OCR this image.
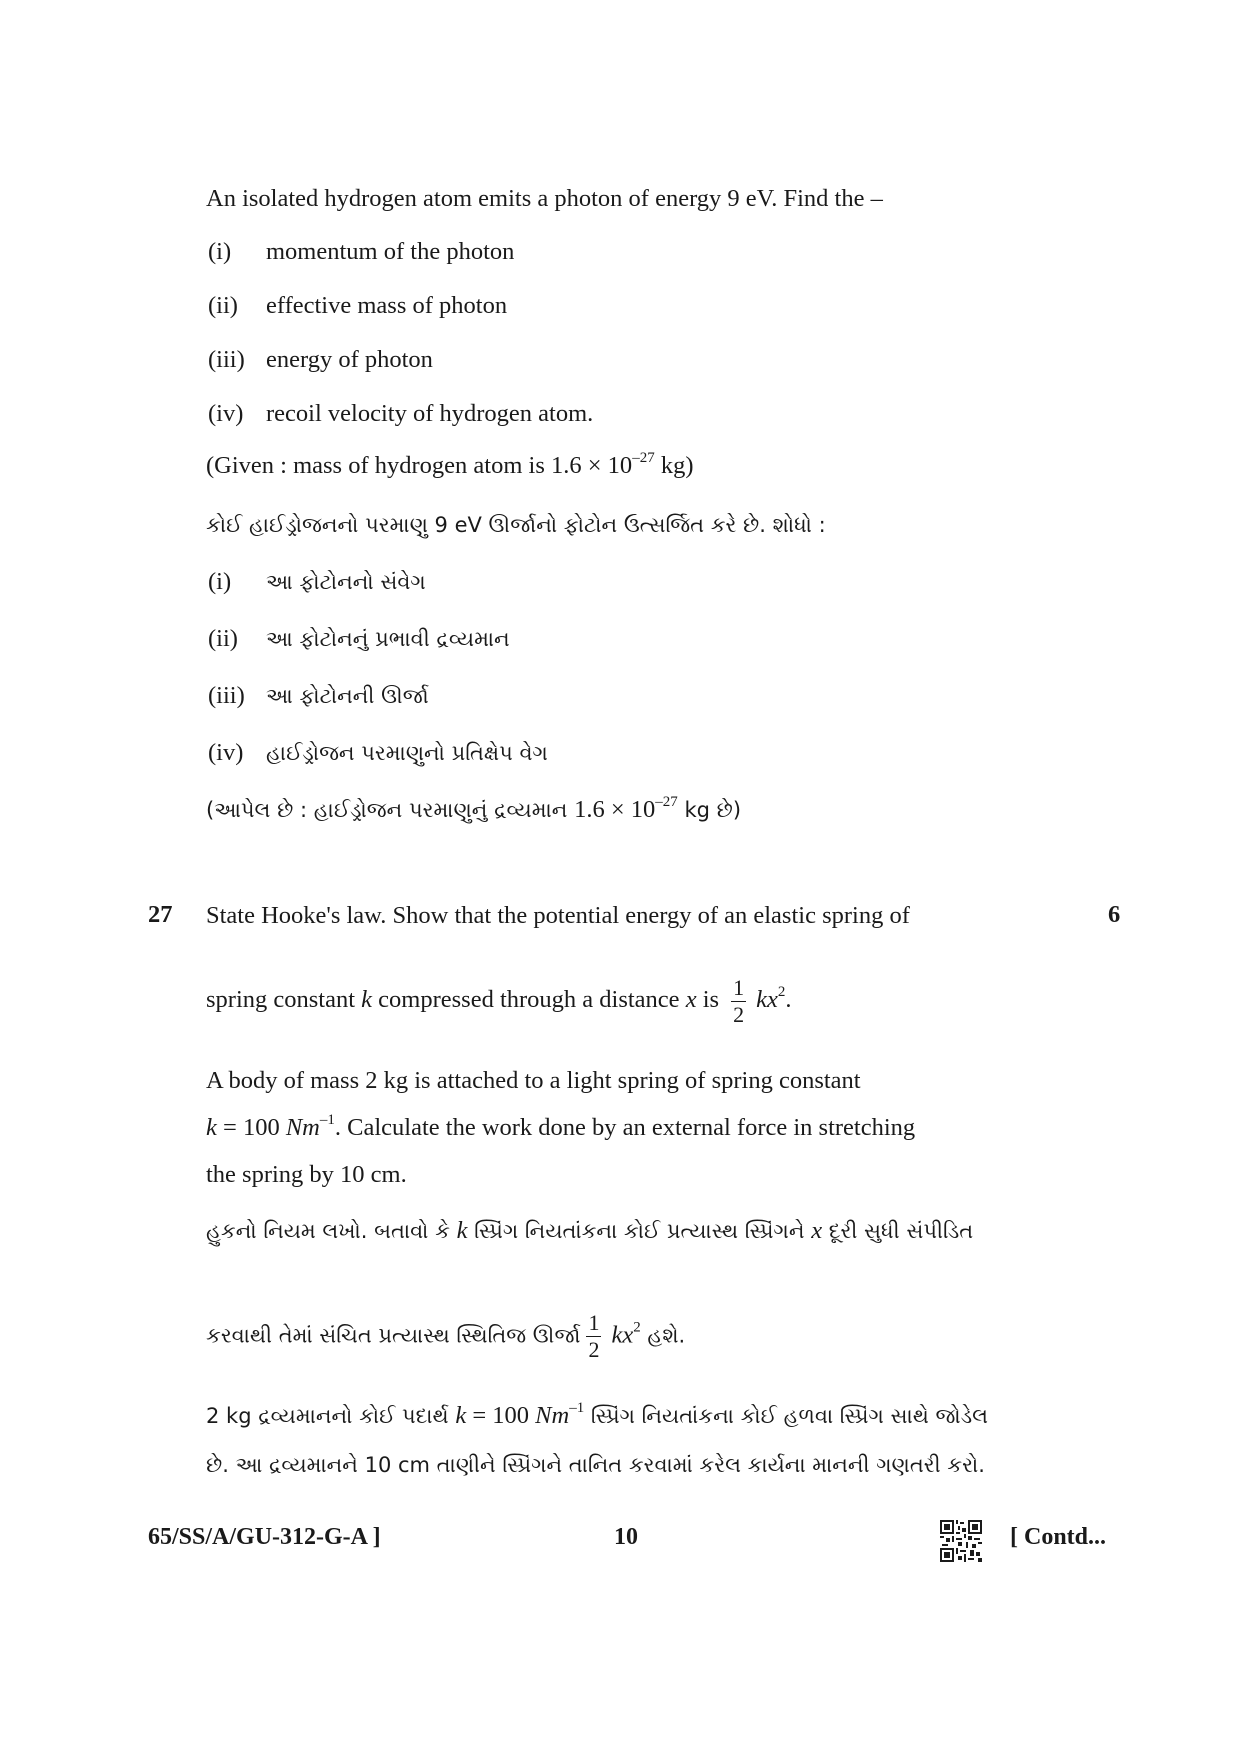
An isolated hydrogen atom emits a photon of energy 9 eV. Find the –
(i) momentum of the photon
(ii) effective mass of photon
(iii) energy of photon
(iv) recoil velocity of hydrogen atom.
(Given : mass of hydrogen atom is $1.6 \times 10^{-27}$ kg)
કોઈ હાઈડ્રોજનનો પરમાણુ 9 eV ઊર્જાનો ફોટોન ઉત્સર્જિત કરે છે. શોધો :
(i) આ ફોટોનનો સંવેગ
(ii) આ ફોટોનનું પ્રભાવી દ્રવ્યમાન
(iii) આ ફોટોનની ઊર્જા
(iv) હાઈડ્રોજન પરમાણુનો પ્રતિક્ષેપ વેગ
(આપેલ છે : હાઈડ્રોજન પરમાણુનું દ્રવ્યમાન $1.6 \times 10^{-27}$ kg છે)
27	6
State Hooke's law. Show that the potential energy of an elastic spring of
spring constant k compressed through a distance x is $\frac{1}{2} kx^2$.
A body of mass 2 kg is attached to a light spring of spring constant
k = 100 $Nm^{-1}$. Calculate the work done by an external force in stretching
the spring by 10 cm.
હુકનો નિયમ લખો. બતાવો કે k સ્પ્રિંગ નિયતાંકના કોઈ પ્રત્યાસ્થ સ્પ્રિંગને x દૂરી સુધી સંપીડિત
કરવાથી તેમાં સંચિત પ્રત્યાસ્થ સ્થિતિજ ઊર્જા $\frac{1}{2} kx^2$ હશે.
2 kg દ્રવ્યમાનનો કોઈ પદાર્થ k = 100 $Nm^{-1}$ સ્પ્રિંગ નિયતાંકના કોઈ હળવા સ્પ્રિંગ સાથે જોડેલ
છે. આ દ્રવ્યમાનને 10 cm તાણીને સ્પ્રિંગને તાનિત કરવામાં કરેલ કાર્યના માનની ગણતરી કરો.
65/SS/A/GU-312-G-A ]	10	[ Contd...
